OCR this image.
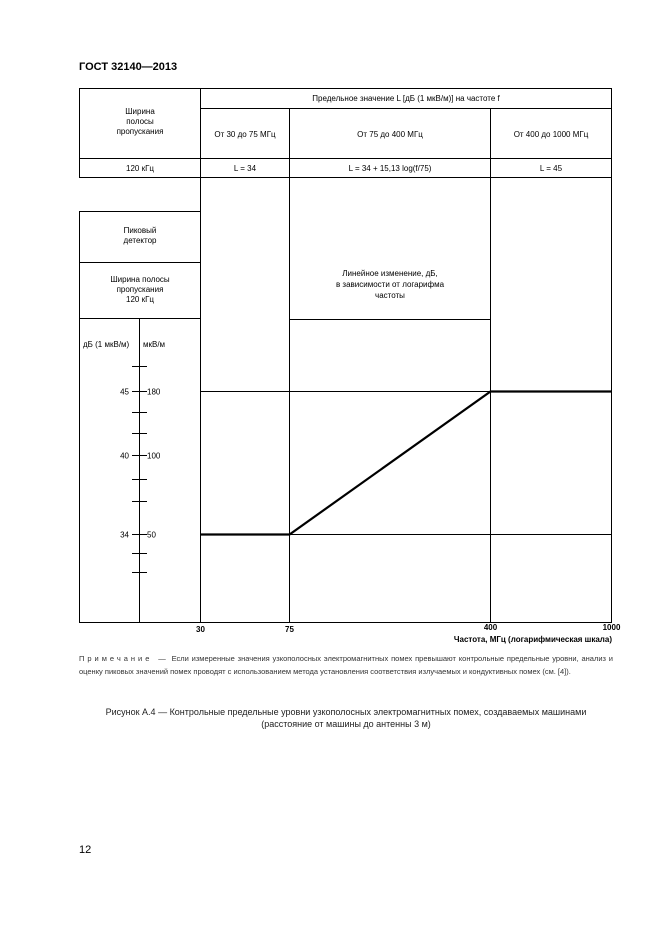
ГОСТ 32140—2013
Ширина
полосы
пропускания
Предельное значение L [дБ (1 мкВ/м)] на частоте f
От 30 до 75 МГц	От 75 до 400 МГц	От 400 до 1000 МГц
120 кГц	L = 34	L = 34 + 15,13 log(f/75)	L = 45
Пиковый
детектор
Ширина полосы
пропускания
120 кГц
дБ (1 мкВ/м) мкВ/м
34 50
40 100
45 180
30	75	400	1000
Линейное изменение, дБ,
в зависимости от логарифма
частоты
Частота, МГц (логарифмическая шкала)
Примечание — Если измеренные значения узкополосных электромагнитных помех превышают контрольные предельные уровни, анализ и оценку пиковых значений помех проводят с использованием метода установления соответствия излучаемых и кондуктивных помех (см. [4]).
Рисунок А.4 — Контрольные предельные уровни узкополосных электромагнитных помех, создаваемых машинами
(расстояние от машины до антенны 3 м)
12
